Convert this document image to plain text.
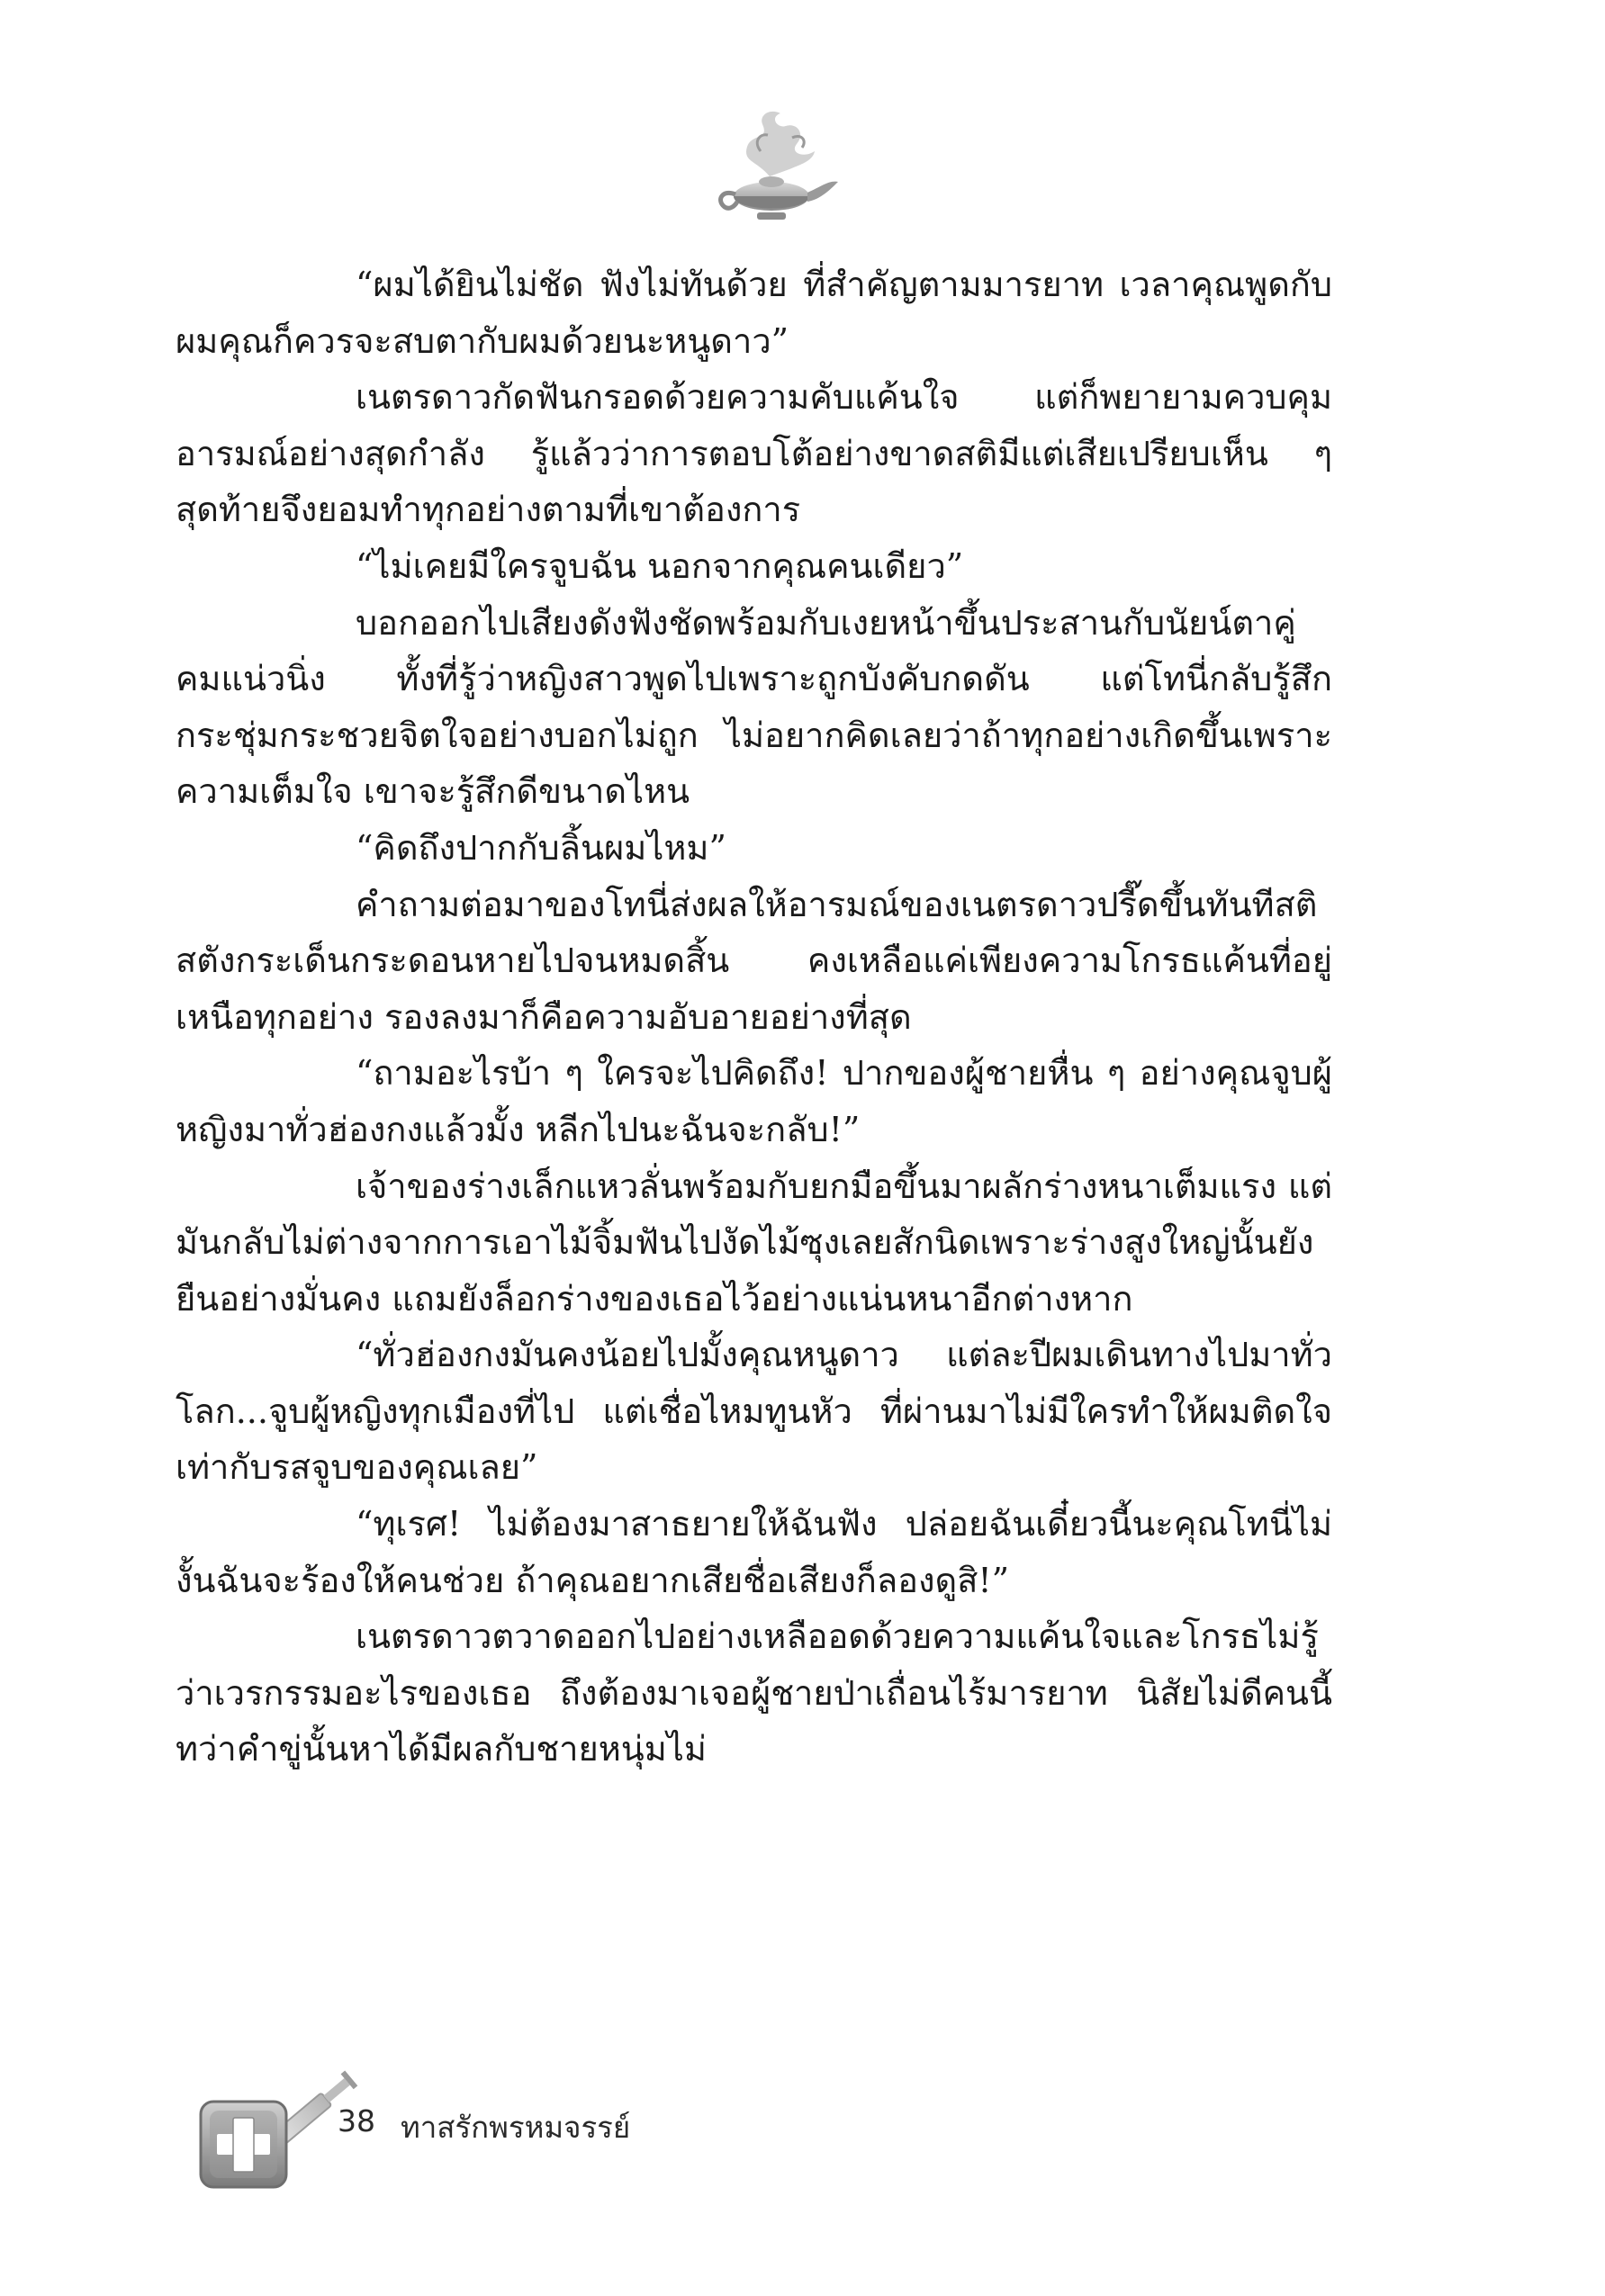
“ผมได้ยินไม่ชัด ฟังไม่ทันด้วย ที่สำคัญตามมารยาท เวลาคุณพูดกับผมคุณก็ควรจะสบตากับผมด้วยนะหนูดาว”

เนตรดาวกัดฟันกรอดด้วยความคับแค้นใจ แต่ก็พยายามควบคุมอารมณ์อย่างสุดกำลัง รู้แล้วว่าการตอบโต้อย่างขาดสติมีแต่เสียเปรียบเห็น ๆ สุดท้ายจึงยอมทำทุกอย่างตามที่เขาต้องการ

“ไม่เคยมีใครจูบฉัน นอกจากคุณคนเดียว”

บอกออกไปเสียงดังฟังชัดพร้อมกับเงยหน้าขึ้นประสานกับนัยน์ตาคู่คมแน่วนิ่ง ทั้งที่รู้ว่าหญิงสาวพูดไปเพราะถูกบังคับกดดัน แต่โทนี่กลับรู้สึกกระชุ่มกระชวยจิตใจอย่างบอกไม่ถูก ไม่อยากคิดเลยว่าถ้าทุกอย่างเกิดขึ้นเพราะความเต็มใจ เขาจะรู้สึกดีขนาดไหน

“คิดถึงปากกับลิ้นผมไหม”

คำถามต่อมาของโทนี่ส่งผลให้อารมณ์ของเนตรดาวปรี๊ดขึ้นทันทีสติสตังกระเด็นกระดอนหายไปจนหมดสิ้น คงเหลือแค่เพียงความโกรธแค้นที่อยู่เหนือทุกอย่าง รองลงมาก็คือความอับอายอย่างที่สุด

“ถามอะไรบ้า ๆ ใครจะไปคิดถึง! ปากของผู้ชายหื่น ๆ อย่างคุณจูบผู้หญิงมาทั่วฮ่องกงแล้วมั้ง หลีกไปนะฉันจะกลับ!”

เจ้าของร่างเล็กแหวลั่นพร้อมกับยกมือขึ้นมาผลักร่างหนาเต็มแรง แต่มันกลับไม่ต่างจากการเอาไม้จิ้มฟันไปงัดไม้ซุงเลยสักนิดเพราะร่างสูงใหญ่นั้นยังยืนอย่างมั่นคง แถมยังล็อกร่างของเธอไว้อย่างแน่นหนาอีกต่างหาก

“ทั่วฮ่องกงมันคงน้อยไปมั้งคุณหนูดาว แต่ละปีผมเดินทางไปมาทั่วโลก...จูบผู้หญิงทุกเมืองที่ไป แต่เชื่อไหมทูนหัว ที่ผ่านมาไม่มีใครทำให้ผมติดใจเท่ากับรสจูบของคุณเลย”

“ทุเรศ! ไม่ต้องมาสาธยายให้ฉันฟัง ปล่อยฉันเดี๋ยวนี้นะคุณโทนี่ไม่งั้นฉันจะร้องให้คนช่วย ถ้าคุณอยากเสียชื่อเสียงก็ลองดูสิ!”

เนตรดาวตวาดออกไปอย่างเหลืออดด้วยความแค้นใจและโกรธไม่รู้ว่าเวรกรรมอะไรของเธอ ถึงต้องมาเจอผู้ชายป่าเถื่อนไร้มารยาท นิสัยไม่ดีคนนี้ ทว่าคำขู่นั้นหาได้มีผลกับชายหนุ่มไม่

38 ทาสรักพรหมจรรย์
